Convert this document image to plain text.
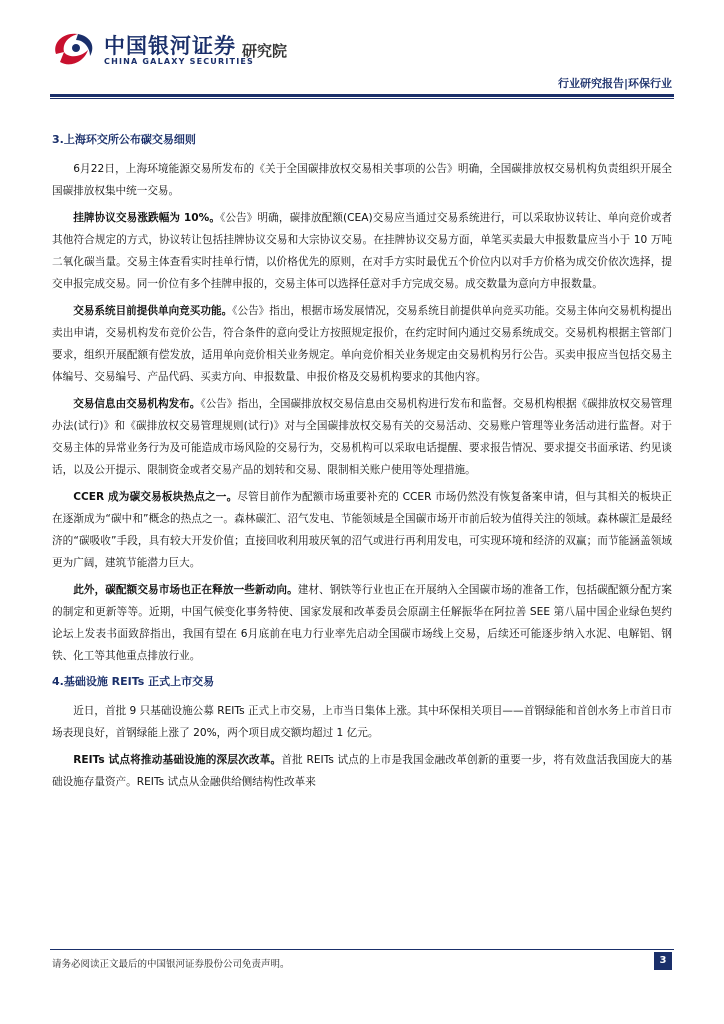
中国银河证券
CHINA GALAXY SECURITIES
研究院
行业研究报告|环保行业
3.上海环交所公布碳交易细则

6月22日，上海环境能源交易所发布的《关于全国碳排放权交易相关事项的公告》明确，全国碳排放权交易机构负责组织开展全国碳排放权集中统一交易。

挂牌协议交易涨跌幅为 10%。《公告》明确，碳排放配额(CEA)交易应当通过交易系统进行，可以采取协议转让、单向竞价或者其他符合规定的方式，协议转让包括挂牌协议交易和大宗协议交易。在挂牌协议交易方面，单笔买卖最大申报数量应当小于 10 万吨二氧化碳当量。交易主体查看实时挂单行情，以价格优先的原则，在对手方实时最优五个价位内以对手方价格为成交价依次选择，提交申报完成交易。同一价位有多个挂牌申报的，交易主体可以选择任意对手方完成交易。成交数量为意向方申报数量。

交易系统目前提供单向竞买功能。《公告》指出，根据市场发展情况，交易系统目前提供单向竞买功能。交易主体向交易机构提出卖出申请，交易机构发布竞价公告，符合条件的意向受让方按照规定报价，在约定时间内通过交易系统成交。交易机构根据主管部门要求，组织开展配额有偿发放，适用单向竞价相关业务规定。单向竞价相关业务规定由交易机构另行公告。买卖申报应当包括交易主体编号、交易编号、产品代码、买卖方向、申报数量、申报价格及交易机构要求的其他内容。

交易信息由交易机构发布。《公告》指出，全国碳排放权交易信息由交易机构进行发布和监督。交易机构根据《碳排放权交易管理办法(试行)》和《碳排放权交易管理规则(试行)》对与全国碳排放权交易有关的交易活动、交易账户管理等业务活动进行监督。对于交易主体的异常业务行为及可能造成市场风险的交易行为，交易机构可以采取电话提醒、要求报告情况、要求提交书面承诺、约见谈话，以及公开提示、限制资金或者交易产品的划转和交易、限制相关账户使用等处理措施。

CCER 成为碳交易板块热点之一。尽管目前作为配额市场重要补充的 CCER 市场仍然没有恢复备案申请，但与其相关的板块正在逐渐成为“碳中和”概念的热点之一。森林碳汇、沼气发电、节能领域是全国碳市场开市前后较为值得关注的领域。森林碳汇是最经济的“碳吸收”手段，具有较大开发价值；直接回收利用玻厌氧的沼气或进行再利用发电，可实现环境和经济的双赢；而节能涵盖领域更为广阔，建筑节能潜力巨大。

此外，碳配额交易市场也正在释放一些新动向。建材、钢铁等行业也正在开展纳入全国碳市场的准备工作，包括碳配额分配方案的制定和更新等等。近期，中国气候变化事务特使、国家发展和改革委员会原副主任解振华在阿拉善 SEE 第八届中国企业绿色契约论坛上发表书面致辞指出，我国有望在 6月底前在电力行业率先启动全国碳市场线上交易，后续还可能逐步纳入水泥、电解铝、钢铁、化工等其他重点排放行业。

4.基础设施 REITs 正式上市交易

近日，首批 9 只基础设施公募 REITs 正式上市交易，上市当日集体上涨。其中环保相关项目——首钢绿能和首创水务上市首日市场表现良好，首钢绿能上涨了 20%，两个项目成交额均超过 1 亿元。

REITs 试点将推动基础设施的深层次改革。首批 REITs 试点的上市是我国金融改革创新的重要一步，将有效盘活我国庞大的基础设施存量资产。REITs 试点从金融供给侧结构性改革来

请务必阅读正文最后的中国银河证券股份公司免责声明。	3
